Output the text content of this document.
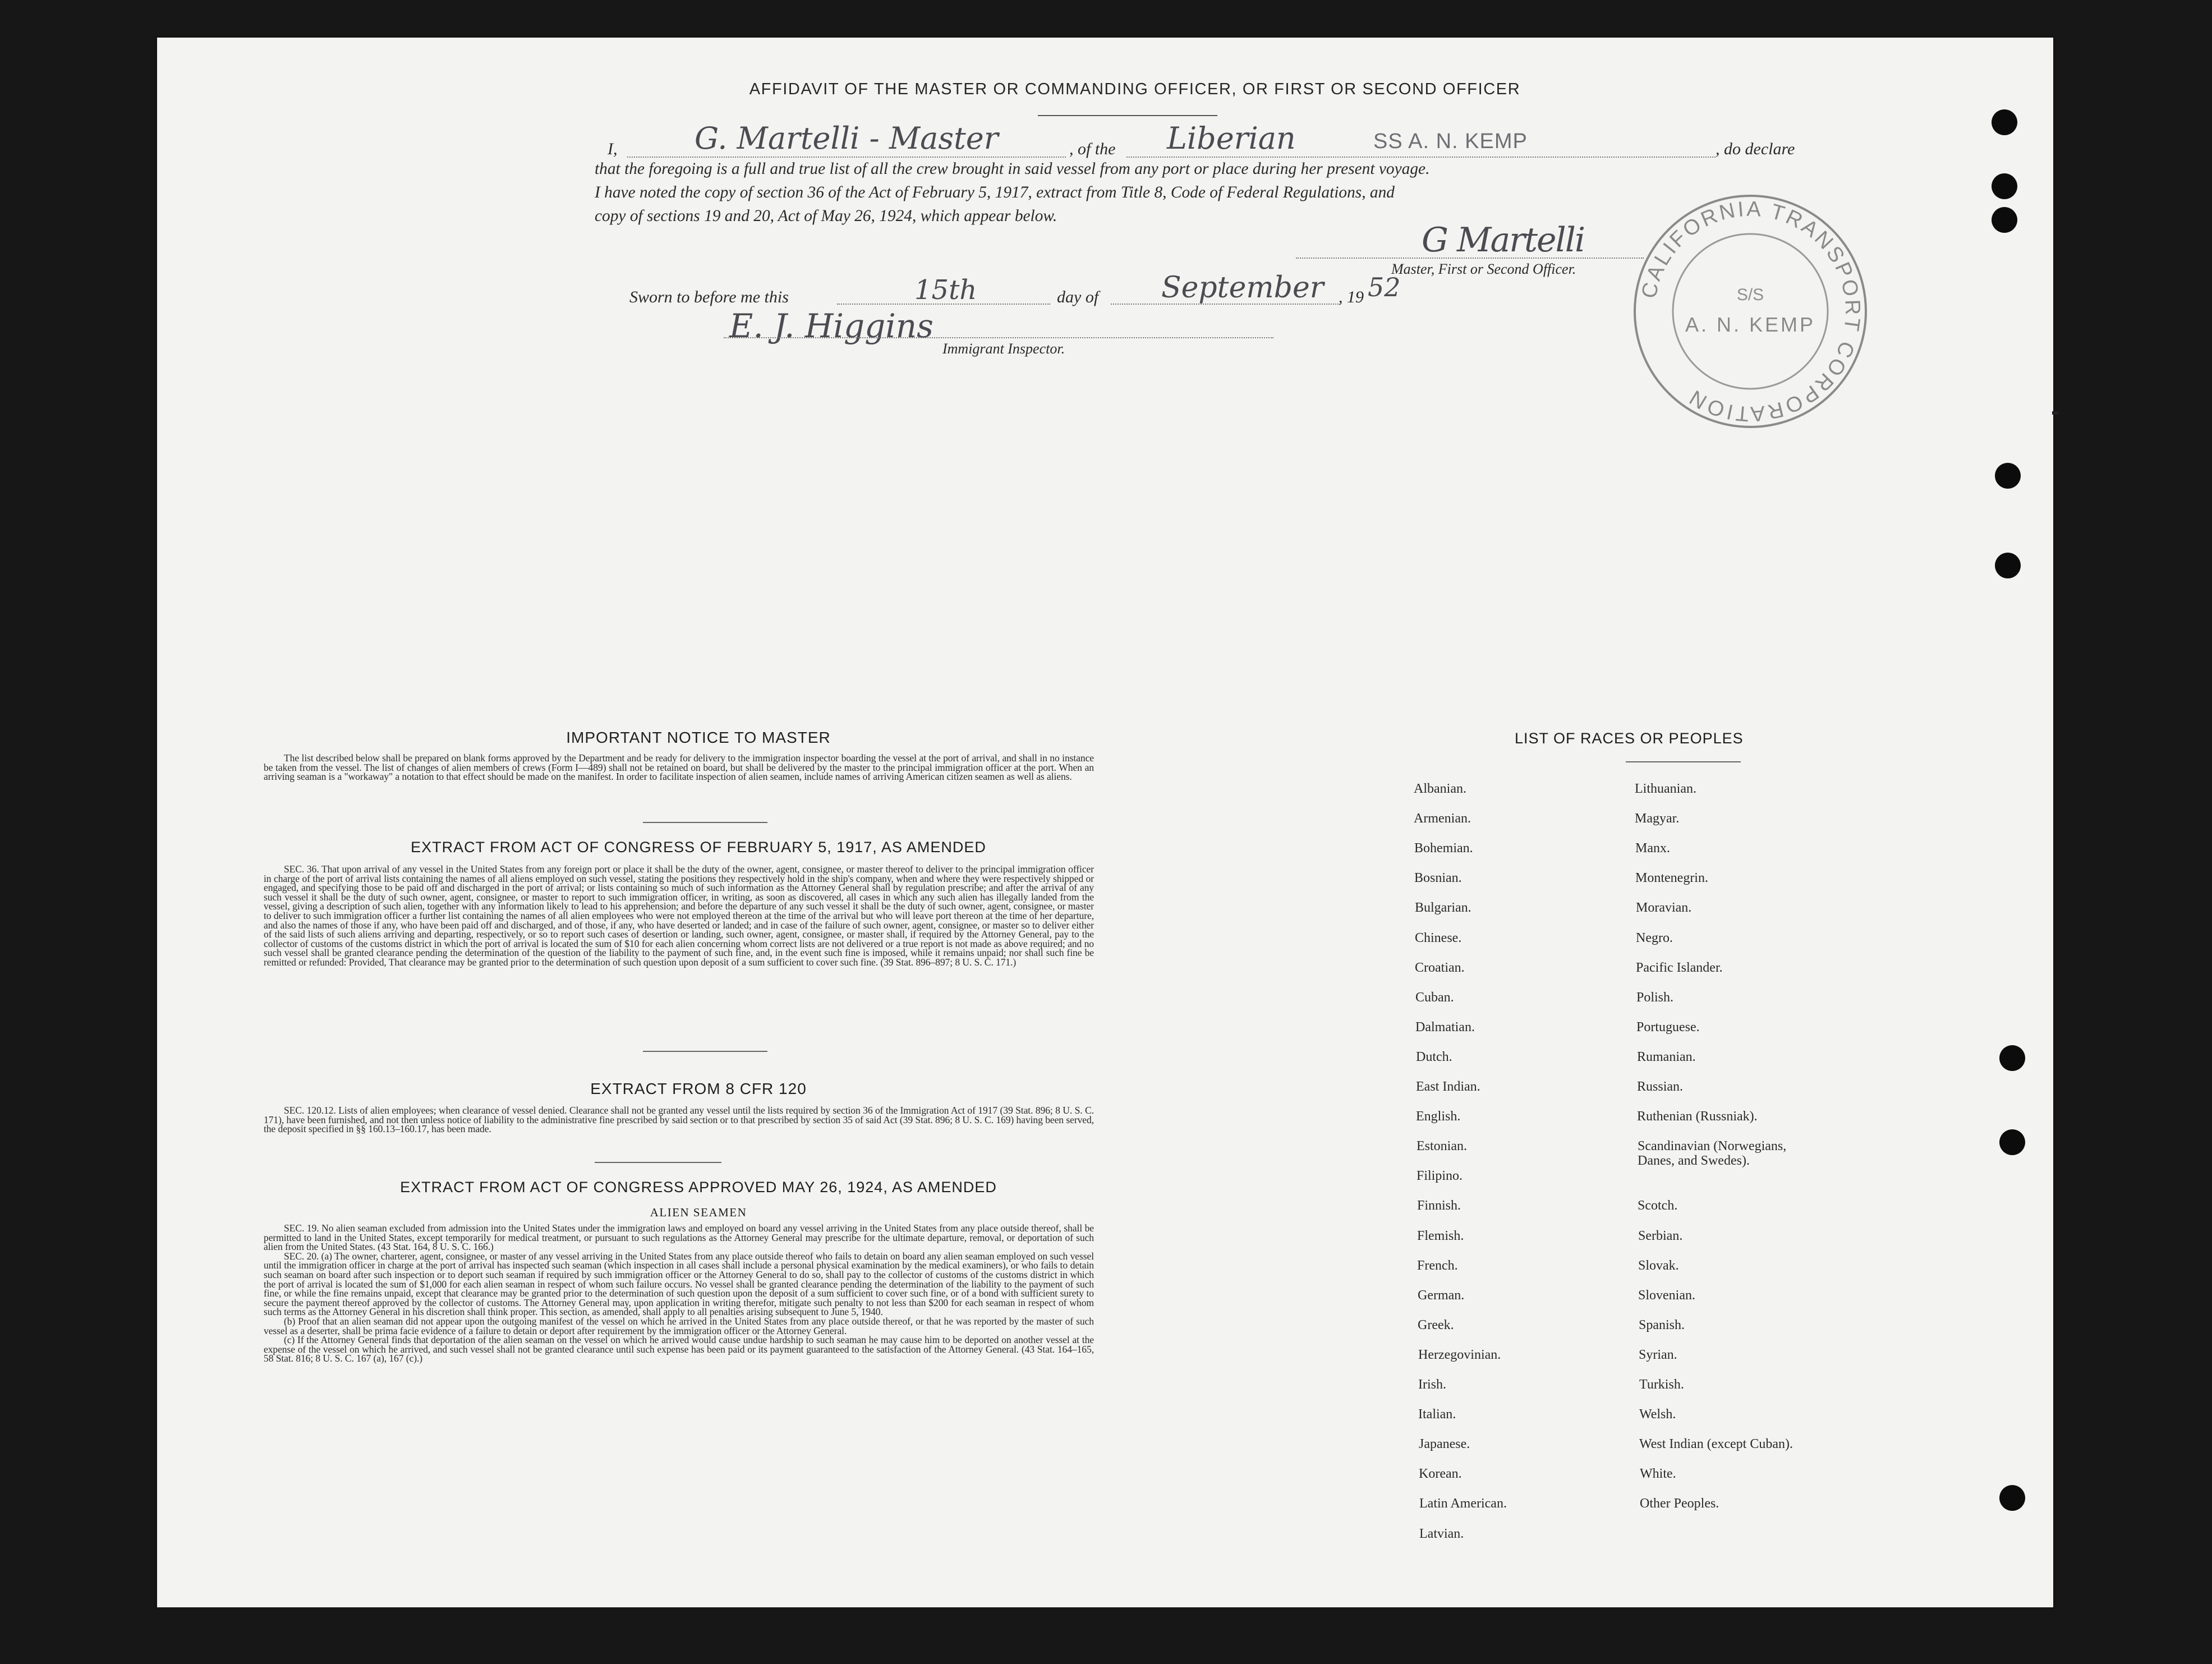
AFFIDAVIT OF THE MASTER OR COMMANDING OFFICER, OR FIRST OR SECOND OFFICER
I,	G. Martelli - Master	, of the Liberian	SS A. N. KEMP	, do declare
that the foregoing is a full and true list of all the crew brought in said vessel from any port or place during her present voyage.
I have noted the copy of section 36 of the Act of February 5, 1917, extract from Title 8, Code of Federal Regulations, and
copy of sections 19 and 20, Act of May 26, 1924, which appear below.
G Martelli
Master, First or Second Officer.
Sworn to before me this	15th	day of September , 19 52
E. J. Higgins
Immigrant Inspector.
CALIFORNIA TRANSPORT CORPORATION
S/S
A. N. KEMP
IMPORTANT NOTICE TO MASTER

The list described below shall be prepared on blank forms approved by the Department and be ready for delivery to the immigration inspector boarding the vessel at the port of arrival, and shall in no instance be taken from the vessel. The list of changes of alien members of crews (Form I—489) shall not be retained on board, but shall be delivered by the master to the principal immigration officer at the port. When an arriving seaman is a "workaway" a notation to that effect should be made on the manifest. In order to facilitate inspection of alien seamen, include names of arriving American citizen seamen as well as aliens.

EXTRACT FROM ACT OF CONGRESS OF FEBRUARY 5, 1917, AS AMENDED

SEC. 36. That upon arrival of any vessel in the United States from any foreign port or place it shall be the duty of the owner, agent, consignee, or master thereof to deliver to the principal immigration officer in charge of the port of arrival lists containing the names of all aliens employed on such vessel, stating the positions they respectively hold in the ship's company, when and where they were respectively shipped or engaged, and specifying those to be paid off and discharged in the port of arrival; or lists containing so much of such information as the Attorney General shall by regulation prescribe; and after the arrival of any such vessel it shall be the duty of such owner, agent, consignee, or master to report to such immigration officer, in writing, as soon as discovered, all cases in which any such alien has illegally landed from the vessel, giving a description of such alien, together with any information likely to lead to his apprehension; and before the departure of any such vessel it shall be the duty of such owner, agent, consignee, or master to deliver to such immigration officer a further list containing the names of all alien employees who were not employed thereon at the time of the arrival but who will leave port thereon at the time of her departure, and also the names of those if any, who have been paid off and discharged, and of those, if any, who have deserted or landed; and in case of the failure of such owner, agent, consignee, or master so to deliver either of the said lists of such aliens arriving and departing, respectively, or so to report such cases of desertion or landing, such owner, agent, consignee, or master shall, if required by the Attorney General, pay to the collector of customs of the customs district in which the port of arrival is located the sum of $10 for each alien concerning whom correct lists are not delivered or a true report is not made as above required; and no such vessel shall be granted clearance pending the determination of the question of the liability to the payment of such fine, and, in the event such fine is imposed, while it remains unpaid; nor shall such fine be remitted or refunded: Provided, That clearance may be granted prior to the determination of such question upon deposit of a sum sufficient to cover such fine. (39 Stat. 896–897; 8 U. S. C. 171.)

EXTRACT FROM 8 CFR 120

SEC. 120.12. Lists of alien employees; when clearance of vessel denied. Clearance shall not be granted any vessel until the lists required by section 36 of the Immigration Act of 1917 (39 Stat. 896; 8 U. S. C. 171), have been furnished, and not then unless notice of liability to the administrative fine prescribed by said section or to that prescribed by section 35 of said Act (39 Stat. 896; 8 U. S. C. 169) having been served, the deposit specified in §§ 160.13–160.17, has been made.

EXTRACT FROM ACT OF CONGRESS APPROVED MAY 26, 1924, AS AMENDED
ALIEN SEAMEN

SEC. 19. No alien seaman excluded from admission into the United States under the immigration laws and employed on board any vessel arriving in the United States from any place outside thereof, shall be permitted to land in the United States, except temporarily for medical treatment, or pursuant to such regulations as the Attorney General may prescribe for the ultimate departure, removal, or deportation of such alien from the United States. (43 Stat. 164, 8 U. S. C. 166.)

SEC. 20. (a) The owner, charterer, agent, consignee, or master of any vessel arriving in the United States from any place outside thereof who fails to detain on board any alien seaman employed on such vessel until the immigration officer in charge at the port of arrival has inspected such seaman (which inspection in all cases shall include a personal physical examination by the medical examiners), or who fails to detain such seaman on board after such inspection or to deport such seaman if required by such immigration officer or the Attorney General to do so, shall pay to the collector of customs of the customs district in which the port of arrival is located the sum of $1,000 for each alien seaman in respect of whom such failure occurs. No vessel shall be granted clearance pending the determination of the liability to the payment of such fine, or while the fine remains unpaid, except that clearance may be granted prior to the determination of such question upon the deposit of a sum sufficient to cover such fine, or of a bond with sufficient surety to secure the payment thereof approved by the collector of customs. The Attorney General may, upon application in writing therefor, mitigate such penalty to not less than $200 for each seaman in respect of whom such terms as the Attorney General in his discretion shall think proper. This section, as amended, shall apply to all penalties arising subsequent to June 5, 1940.

(b) Proof that an alien seaman did not appear upon the outgoing manifest of the vessel on which he arrived in the United States from any place outside thereof, or that he was reported by the master of such vessel as a deserter, shall be prima facie evidence of a failure to detain or deport after requirement by the immigration officer or the Attorney General.

(c) If the Attorney General finds that deportation of the alien seaman on the vessel on which he arrived would cause undue hardship to such seaman he may cause him to be deported on another vessel at the expense of the vessel on which he arrived, and such vessel shall not be granted clearance until such expense has been paid or its payment guaranteed to the satisfaction of the Attorney General. (43 Stat. 164–165, 58 Stat. 816; 8 U. S. C. 167 (a), 167 (c).)

LIST OF RACES OR PEOPLES
Albanian.
Armenian.
Bohemian.
Bosnian.
Bulgarian.
Chinese.
Croatian.
Cuban.
Dalmatian.
Dutch.
East Indian.
English.
Estonian.
Filipino.
Finnish.
Flemish.
French.
German.
Greek.
Herzegovinian.
Irish.
Italian.
Japanese.
Korean.
Latin American.
Latvian.
Lithuanian.
Magyar.
Manx.
Montenegrin.
Moravian.
Negro.
Pacific Islander.
Polish.
Portuguese.
Rumanian.
Russian.
Ruthenian (Russniak).
Scandinavian (Norwegians,
Danes, and Swedes).
Scotch.
Serbian.
Slovak.
Slovenian.
Spanish.
Syrian.
Turkish.
Welsh.
West Indian (except Cuban).
White.
Other Peoples.
